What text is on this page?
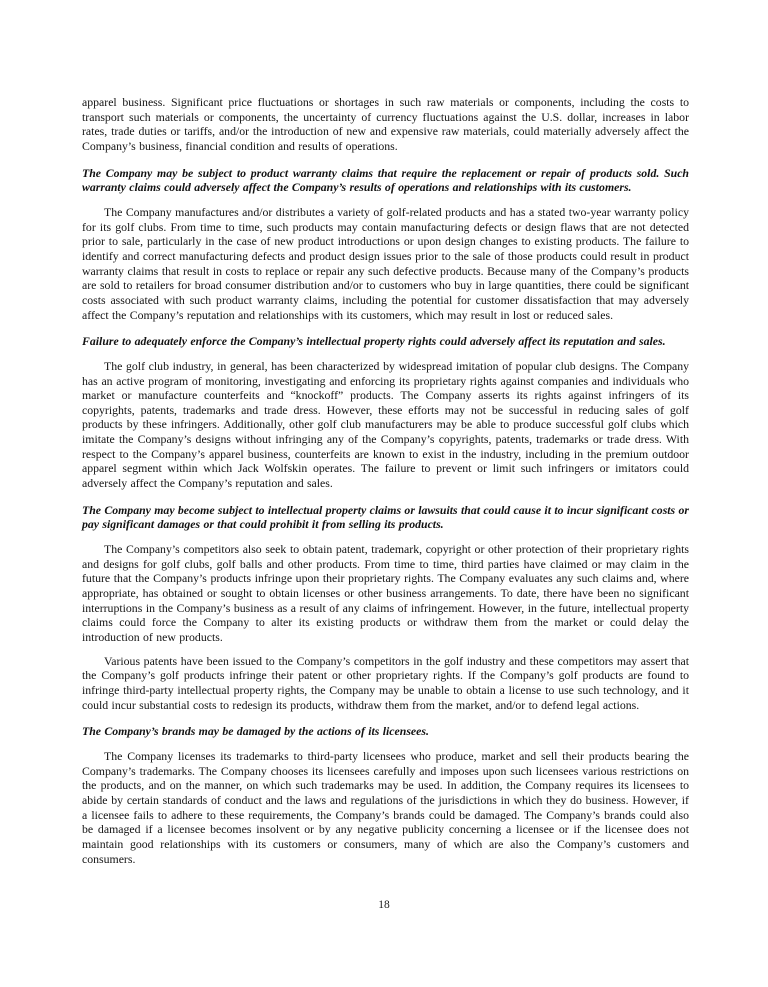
apparel business. Significant price fluctuations or shortages in such raw materials or components, including the costs to transport such materials or components, the uncertainty of currency fluctuations against the U.S. dollar, increases in labor rates, trade duties or tariffs, and/or the introduction of new and expensive raw materials, could materially adversely affect the Company’s business, financial condition and results of operations.

The Company may be subject to product warranty claims that require the replacement or repair of products sold. Such warranty claims could adversely affect the Company’s results of operations and relationships with its customers.

The Company manufactures and/or distributes a variety of golf-related products and has a stated two-year warranty policy for its golf clubs. From time to time, such products may contain manufacturing defects or design flaws that are not detected prior to sale, particularly in the case of new product introductions or upon design changes to existing products. The failure to identify and correct manufacturing defects and product design issues prior to the sale of those products could result in product warranty claims that result in costs to replace or repair any such defective products. Because many of the Company’s products are sold to retailers for broad consumer distribution and/or to customers who buy in large quantities, there could be significant costs associated with such product warranty claims, including the potential for customer dissatisfaction that may adversely affect the Company’s reputation and relationships with its customers, which may result in lost or reduced sales.

Failure to adequately enforce the Company’s intellectual property rights could adversely affect its reputation and sales.

The golf club industry, in general, has been characterized by widespread imitation of popular club designs. The Company has an active program of monitoring, investigating and enforcing its proprietary rights against companies and individuals who market or manufacture counterfeits and “knockoff” products. The Company asserts its rights against infringers of its copyrights, patents, trademarks and trade dress. However, these efforts may not be successful in reducing sales of golf products by these infringers. Additionally, other golf club manufacturers may be able to produce successful golf clubs which imitate the Company’s designs without infringing any of the Company’s copyrights, patents, trademarks or trade dress. With respect to the Company’s apparel business, counterfeits are known to exist in the industry, including in the premium outdoor apparel segment within which Jack Wolfskin operates. The failure to prevent or limit such infringers or imitators could adversely affect the Company’s reputation and sales.

The Company may become subject to intellectual property claims or lawsuits that could cause it to incur significant costs or pay significant damages or that could prohibit it from selling its products.

The Company’s competitors also seek to obtain patent, trademark, copyright or other protection of their proprietary rights and designs for golf clubs, golf balls and other products. From time to time, third parties have claimed or may claim in the future that the Company’s products infringe upon their proprietary rights. The Company evaluates any such claims and, where appropriate, has obtained or sought to obtain licenses or other business arrangements. To date, there have been no significant interruptions in the Company’s business as a result of any claims of infringement. However, in the future, intellectual property claims could force the Company to alter its existing products or withdraw them from the market or could delay the introduction of new products.

Various patents have been issued to the Company’s competitors in the golf industry and these competitors may assert that the Company’s golf products infringe their patent or other proprietary rights. If the Company’s golf products are found to infringe third-party intellectual property rights, the Company may be unable to obtain a license to use such technology, and it could incur substantial costs to redesign its products, withdraw them from the market, and/or to defend legal actions.

The Company’s brands may be damaged by the actions of its licensees.

The Company licenses its trademarks to third-party licensees who produce, market and sell their products bearing the Company’s trademarks. The Company chooses its licensees carefully and imposes upon such licensees various restrictions on the products, and on the manner, on which such trademarks may be used. In addition, the Company requires its licensees to abide by certain standards of conduct and the laws and regulations of the jurisdictions in which they do business. However, if a licensee fails to adhere to these requirements, the Company’s brands could be damaged. The Company’s brands could also be damaged if a licensee becomes insolvent or by any negative publicity concerning a licensee or if the licensee does not maintain good relationships with its customers or consumers, many of which are also the Company’s customers and consumers.

18
